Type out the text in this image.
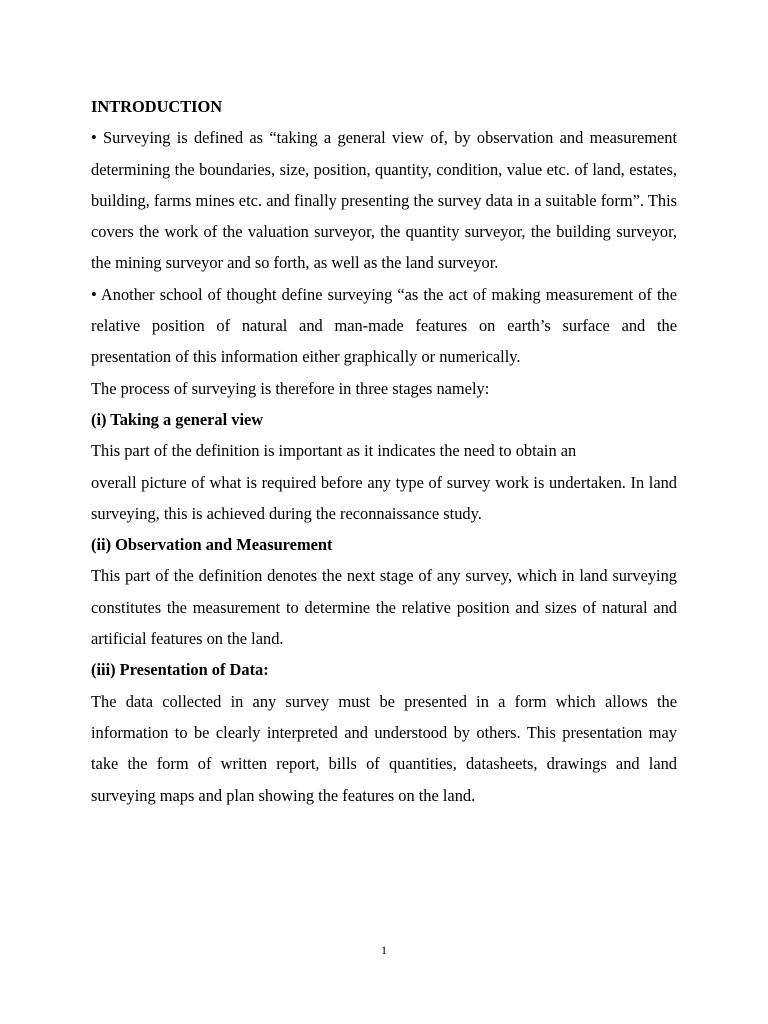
INTRODUCTION

• Surveying is defined as “taking a general view of, by observation and measurement determining the boundaries, size, position, quantity, condition, value etc. of land, estates, building, farms mines etc. and finally presenting the survey data in a suitable form”. This covers the work of the valuation surveyor, the quantity surveyor, the building surveyor, the mining surveyor and so forth, as well as the land surveyor.

• Another school of thought define surveying “as the act of making measurement of the relative position of natural and man-made features on earth’s surface and the presentation of this information either graphically or numerically.

The process of surveying is therefore in three stages namely:

(i) Taking a general view

This part of the definition is important as it indicates the need to obtain an

overall picture of what is required before any type of survey work is undertaken. In land surveying, this is achieved during the reconnaissance study.

(ii) Observation and Measurement

This part of the definition denotes the next stage of any survey, which in land surveying constitutes the measurement to determine the relative position and sizes of natural and artificial features on the land.

(iii) Presentation of Data:

The data collected in any survey must be presented in a form which allows the information to be clearly interpreted and understood by others. This presentation may take the form of written report, bills of quantities, datasheets, drawings and land surveying maps and plan showing the features on the land.

1
